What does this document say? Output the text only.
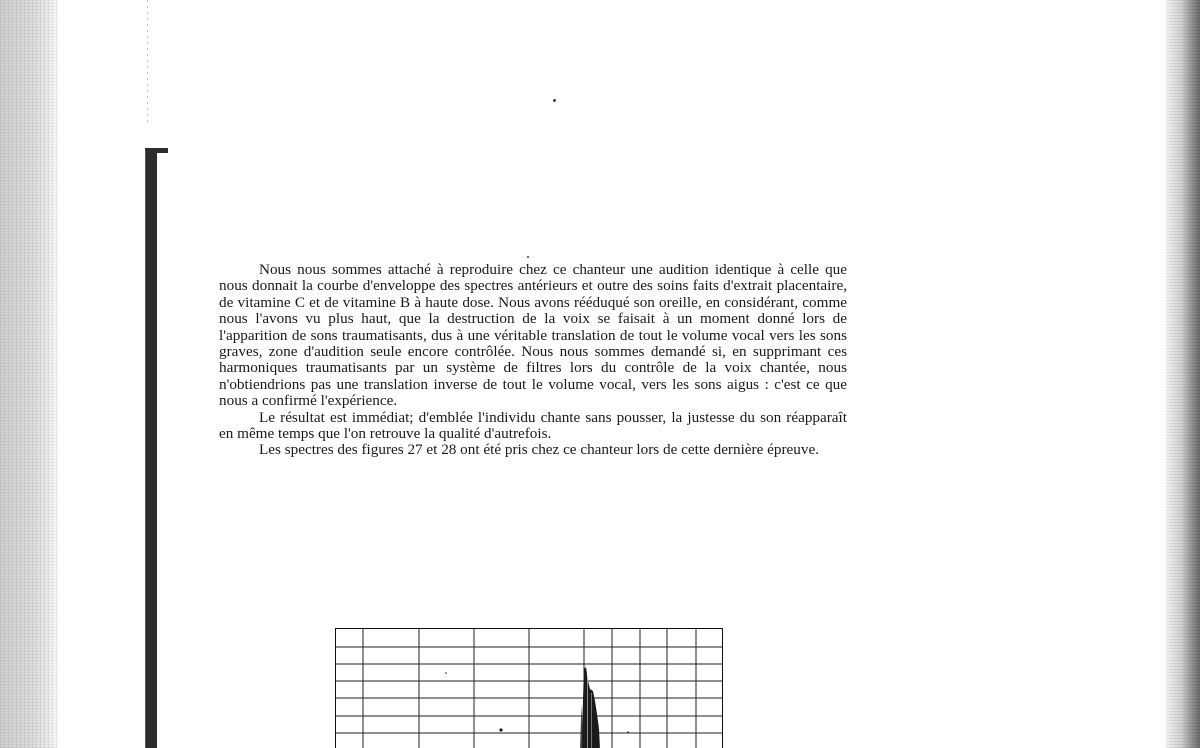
Nous nous sommes attaché à reproduire chez ce chanteur une audition identique à celle que nous donnait la courbe d'enveloppe des spectres antérieurs et outre des soins faits d'extrait placentaire, de vitamine C et de vitamine B à haute dose. Nous avons rééduqué son oreille, en considérant, comme nous l'avons vu plus haut, que la destruction de la voix se faisait à un moment donné lors de l'apparition de sons traumatisants, dus à une véritable translation de tout le volume vocal vers les sons graves, zone d'audition seule encore contrôlée. Nous nous sommes demandé si, en supprimant ces harmoniques traumatisants par un système de filtres lors du contrôle de la voix chantée, nous n'obtiendrions pas une translation inverse de tout le volume vocal, vers les sons aigus : c'est ce que nous a confirmé l'expérience.

Le résultat est immédiat; d'emblée l'individu chante sans pousser, la justesse du son réapparaît en même temps que l'on retrouve la qualité d'autrefois.

Les spectres des figures 27 et 28 ont été pris chez ce chanteur lors de cette dernière épreuve.
